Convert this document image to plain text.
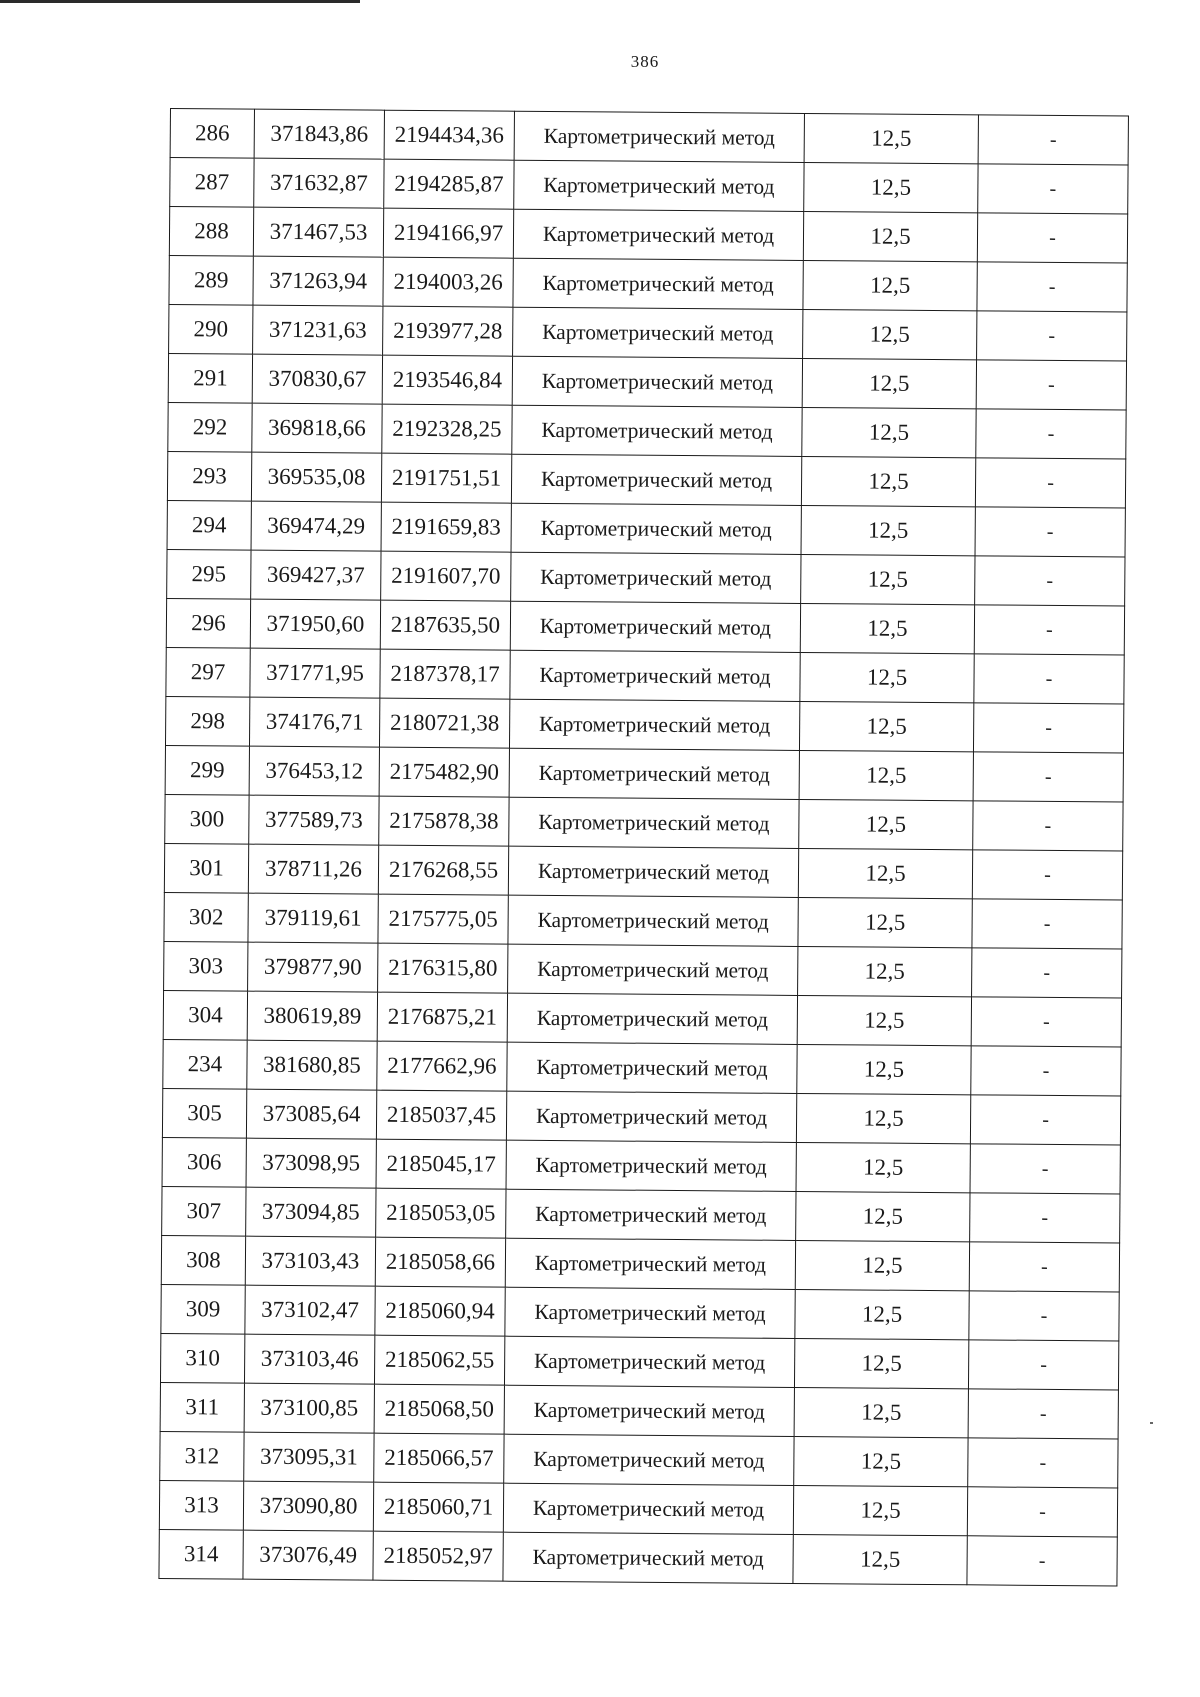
386
286	371843,86	2194434,36	Картометрический метод	12,5	-
287	371632,87	2194285,87	Картометрический метод	12,5	-
288	371467,53	2194166,97	Картометрический метод	12,5	-
289	371263,94	2194003,26	Картометрический метод	12,5	-
290	371231,63	2193977,28	Картометрический метод	12,5	-
291	370830,67	2193546,84	Картометрический метод	12,5	-
292	369818,66	2192328,25	Картометрический метод	12,5	-
293	369535,08	2191751,51	Картометрический метод	12,5	-
294	369474,29	2191659,83	Картометрический метод	12,5	-
295	369427,37	2191607,70	Картометрический метод	12,5	-
296	371950,60	2187635,50	Картометрический метод	12,5	-
297	371771,95	2187378,17	Картометрический метод	12,5	-
298	374176,71	2180721,38	Картометрический метод	12,5	-
299	376453,12	2175482,90	Картометрический метод	12,5	-
300	377589,73	2175878,38	Картометрический метод	12,5	-
301	378711,26	2176268,55	Картометрический метод	12,5	-
302	379119,61	2175775,05	Картометрический метод	12,5	-
303	379877,90	2176315,80	Картометрический метод	12,5	-
304	380619,89	2176875,21	Картометрический метод	12,5	-
234	381680,85	2177662,96	Картометрический метод	12,5	-
305	373085,64	2185037,45	Картометрический метод	12,5	-
306	373098,95	2185045,17	Картометрический метод	12,5	-
307	373094,85	2185053,05	Картометрический метод	12,5	-
308	373103,43	2185058,66	Картометрический метод	12,5	-
309	373102,47	2185060,94	Картометрический метод	12,5	-
310	373103,46	2185062,55	Картометрический метод	12,5	-
311	373100,85	2185068,50	Картометрический метод	12,5	-
312	373095,31	2185066,57	Картометрический метод	12,5	-
313	373090,80	2185060,71	Картометрический метод	12,5	-
314	373076,49	2185052,97	Картометрический метод	12,5	-
